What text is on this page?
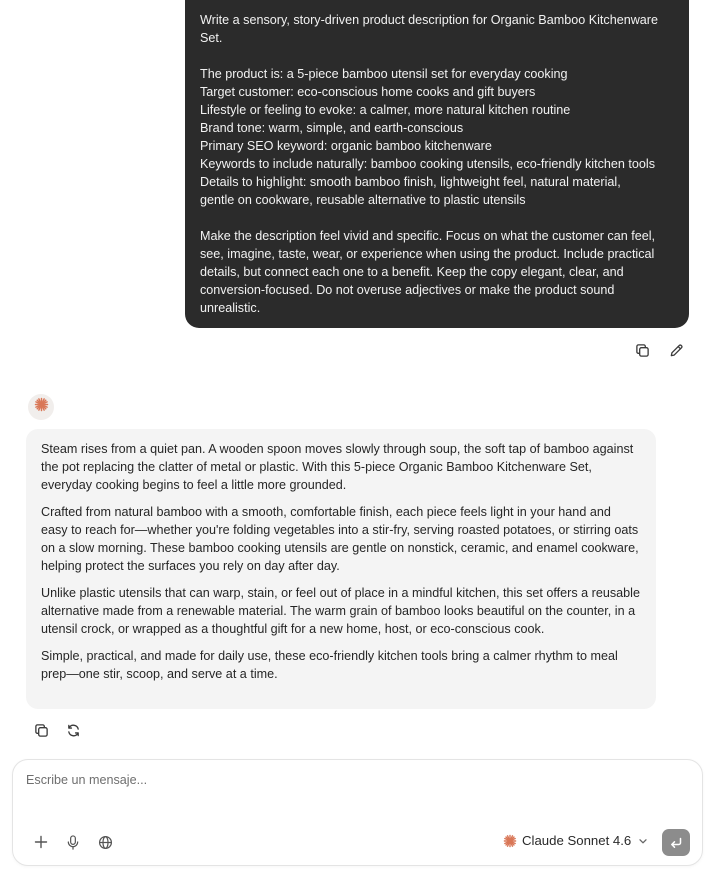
Write a sensory, story-driven product description for Organic Bamboo Kitchenware

Set.

The product is: a 5-piece bamboo utensil set for everyday cooking

Target customer: eco-conscious home cooks and gift buyers

Lifestyle or feeling to evoke: a calmer, more natural kitchen routine

Brand tone: warm, simple, and earth-conscious

Primary SEO keyword: organic bamboo kitchenware

Keywords to include naturally: bamboo cooking utensils, eco-friendly kitchen tools

Details to highlight: smooth bamboo finish, lightweight feel, natural material,

gentle on cookware, reusable alternative to plastic utensils

Make the description feel vivid and specific. Focus on what the customer can feel,

see, imagine, taste, wear, or experience when using the product. Include practical

details, but connect each one to a benefit. Keep the copy elegant, clear, and

conversion-focused. Do not overuse adjectives or make the product sound

unrealistic.

Steam rises from a quiet pan. A wooden spoon moves slowly through soup, the soft tap of bamboo against the pot replacing the clatter of metal or plastic. With this 5-piece Organic Bamboo Kitchenware Set, everyday cooking begins to feel a little more grounded.

Crafted from natural bamboo with a smooth, comfortable finish, each piece feels light in your hand and easy to reach for—whether you're folding vegetables into a stir-fry, serving roasted potatoes, or stirring oats on a slow morning. These bamboo cooking utensils are gentle on nonstick, ceramic, and enamel cookware, helping protect the surfaces you rely on day after day.

Unlike plastic utensils that can warp, stain, or feel out of place in a mindful kitchen, this set offers a reusable alternative made from a renewable material. The warm grain of bamboo looks beautiful on the counter, in a utensil crock, or wrapped as a thoughtful gift for a new home, host, or eco-conscious cook.

Simple, practical, and made for daily use, these eco-friendly kitchen tools bring a calmer rhythm to meal prep—one stir, scoop, and serve at a time.

Escribe un mensaje...
Claude Sonnet 4.6
